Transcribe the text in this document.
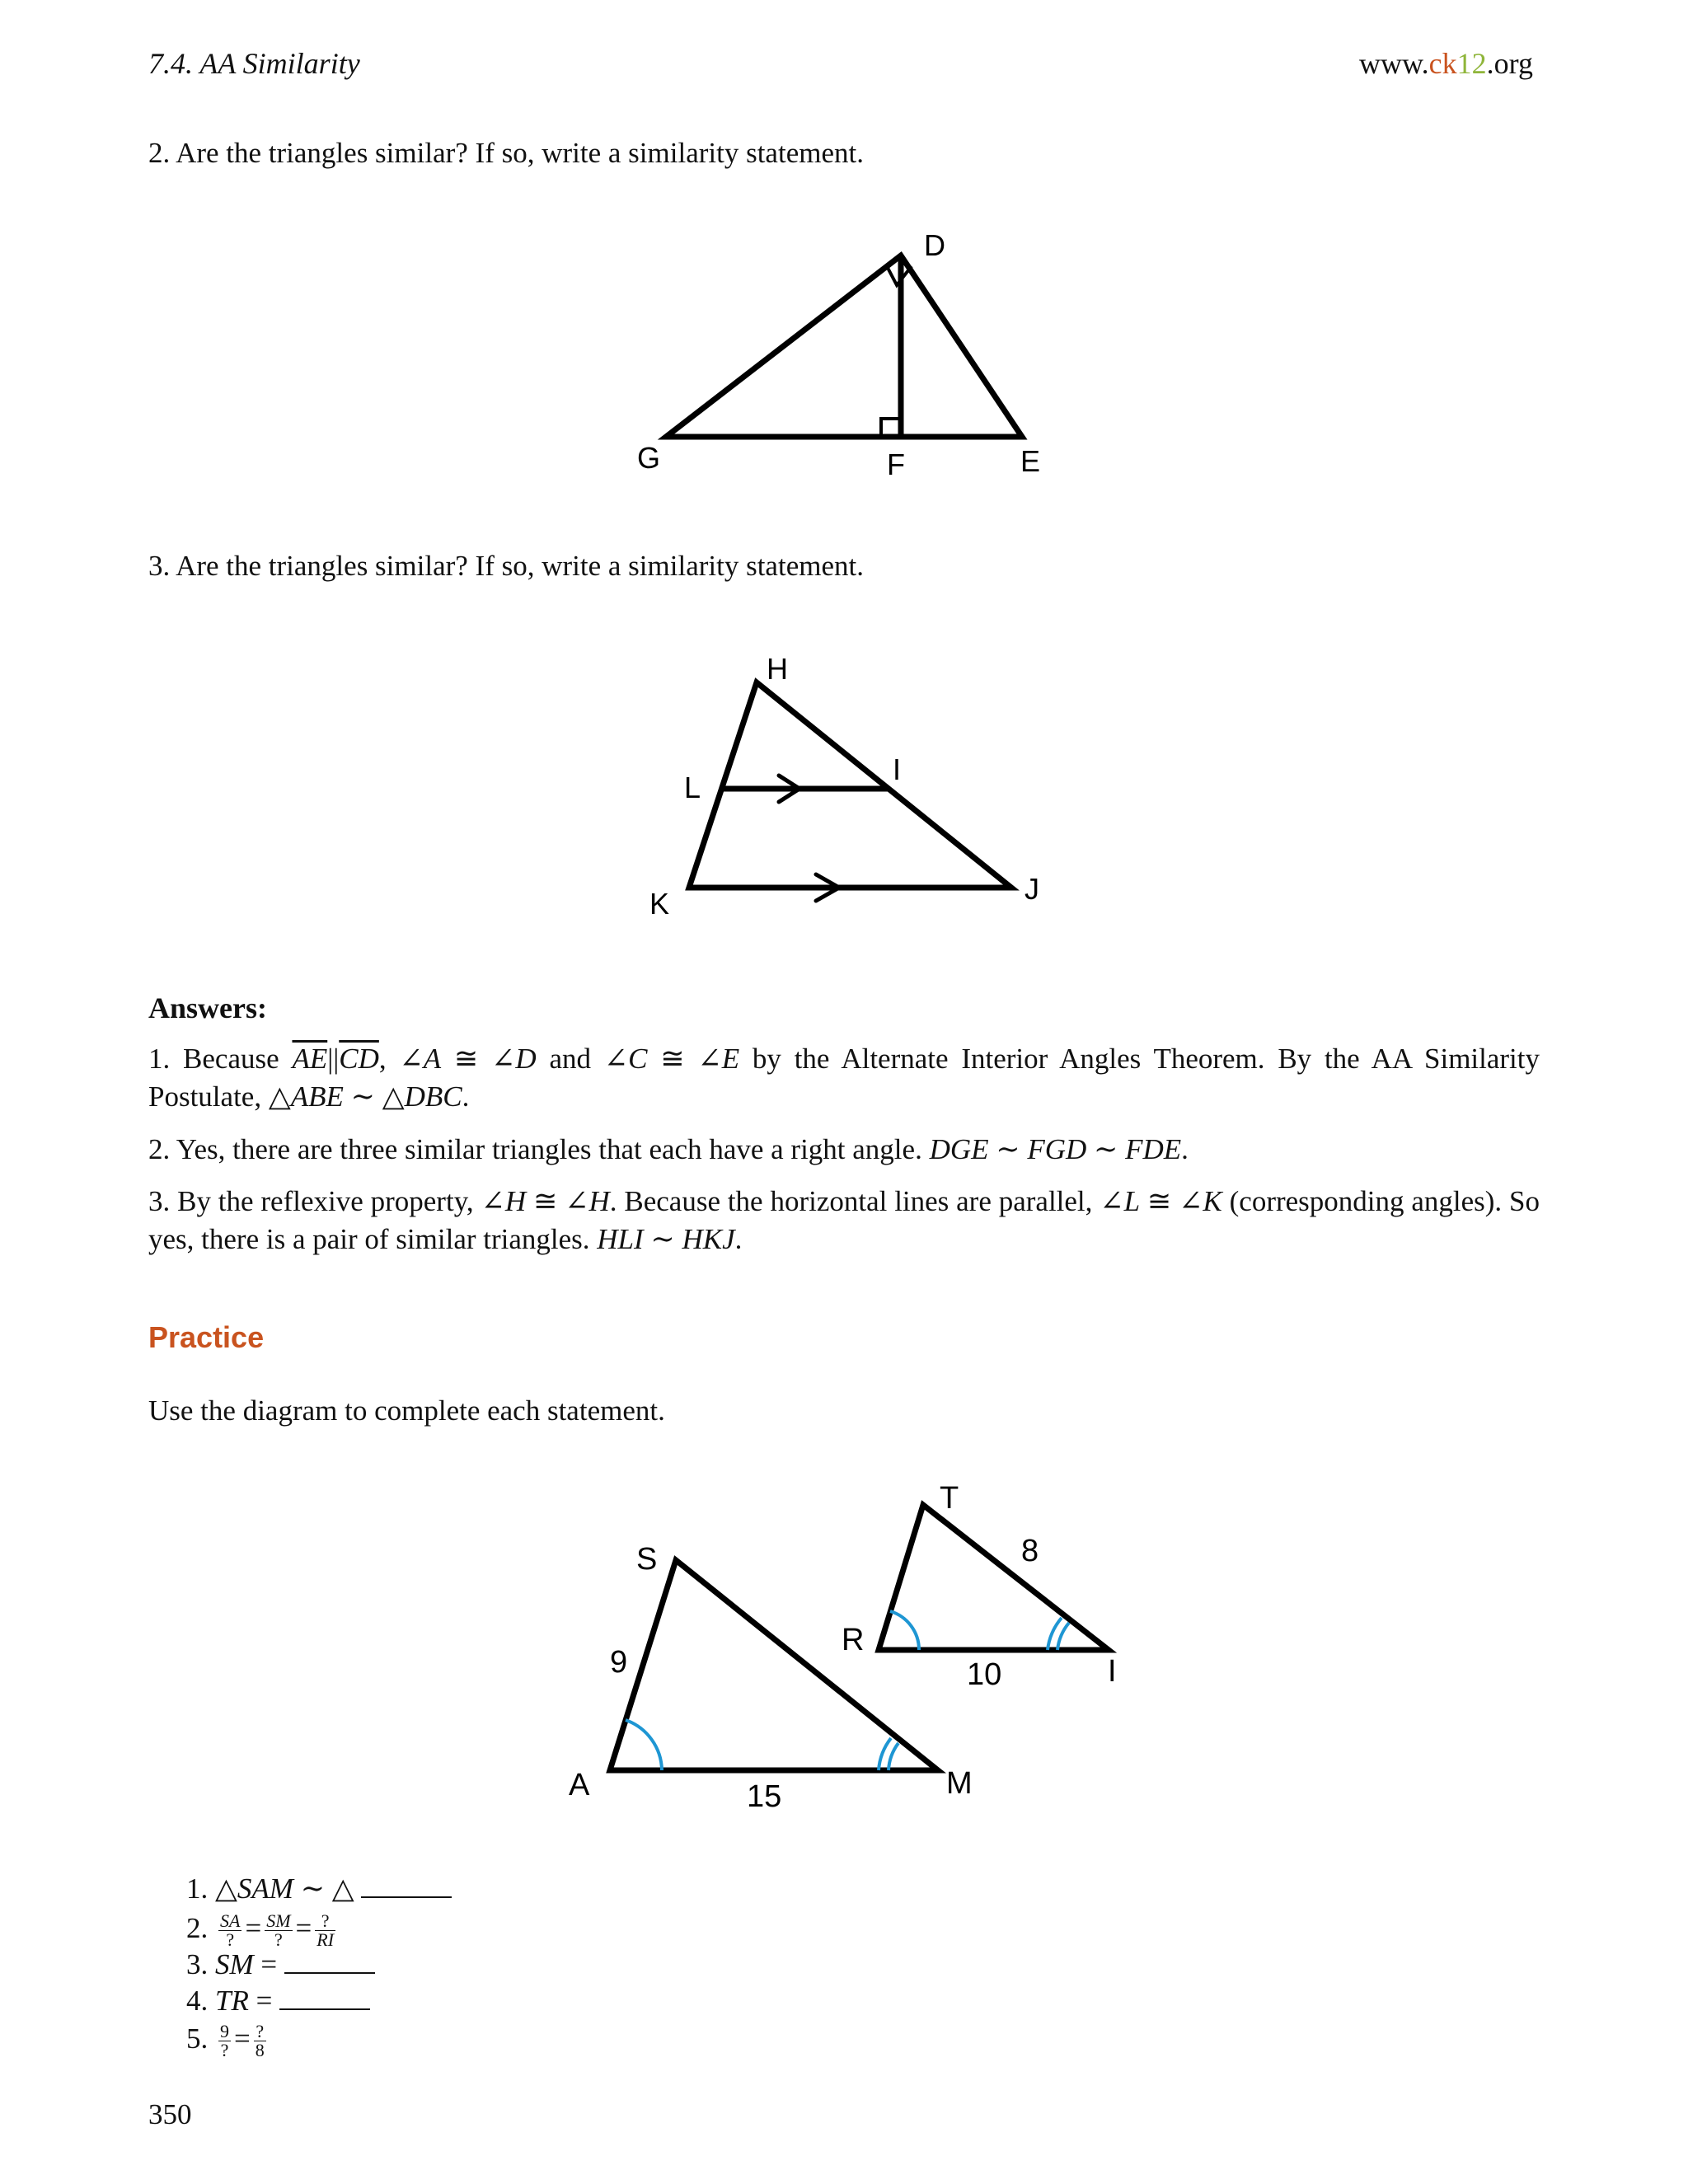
7.4. AA Similarity	www.ck12.org
2. Are the triangles similar? If so, write a similarity statement.
D
G	F	E
H
I
L
K	J
S
A	M
T
R
I
9
15
8
10
3. Are the triangles similar? If so, write a similarity statement.
Answers:
1. Because $\overline{AE}||\overline{CD}$, ∠A ≅ ∠D and ∠C ≅ ∠E by the Alternate Interior Angles Theorem. By the AA Similarity Postulate, △ABE ∼ △DBC.
2. Yes, there are three similar triangles that each have a right angle. DGE ∼ FGD ∼ FDE.
3. By the reflexive property, ∠H ≅ ∠H. Because the horizontal lines are parallel, ∠L ≅ ∠K (corresponding angles). So yes, there is a pair of similar triangles. HLI ∼ HKJ.
Practice
Use the diagram to complete each statement.
1. △SAM ∼ △
2. $\frac{SA}{?} = \frac{SM}{?} = \frac{?}{RI}$
3. SM =
4. TR =
5. $\frac{9}{?} = \frac{?}{8}$
350
